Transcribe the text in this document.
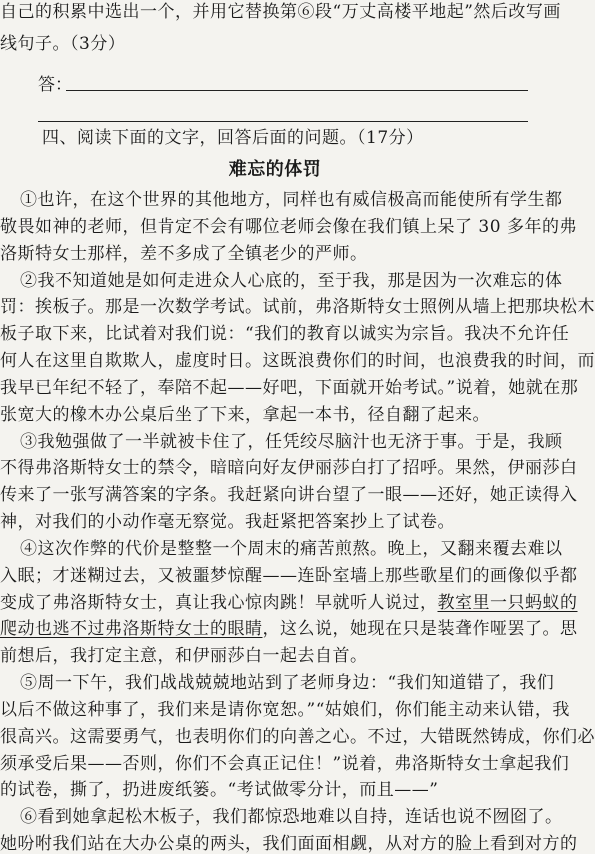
自己的积累中选出一个，并用它替换第⑥段“万丈高楼平地起”然后改写画
线句子。（3分）
答：
四、阅读下面的文字，回答后面的问题。（17分）
难忘的体罚
①也许，在这个世界的其他地方，同样也有威信极高而能使所有学生都
敬畏如神的老师，但肯定不会有哪位老师会像在我们镇上呆了 30 多年的弗
洛斯特女士那样，差不多成了全镇老少的严师。
②我不知道她是如何走进众人心底的，至于我，那是因为一次难忘的体
罚：挨板子。那是一次数学考试。试前，弗洛斯特女士照例从墙上把那块松木
板子取下来，比试着对我们说：“我们的教育以诚实为宗旨。我决不允许任
何人在这里自欺欺人，虚度时日。这既浪费你们的时间，也浪费我的时间，而
我早已年纪不轻了，奉陪不起——好吧，下面就开始考试。”说着，她就在那
张宽大的橡木办公桌后坐了下来，拿起一本书，径自翻了起来。
③我勉强做了一半就被卡住了，任凭绞尽脑汁也无济于事。于是，我顾
不得弗洛斯特女士的禁令，暗暗向好友伊丽莎白打了招呼。果然，伊丽莎白
传来了一张写满答案的字条。我赶紧向讲台望了一眼——还好，她正读得入
神，对我们的小动作毫无察觉。我赶紧把答案抄上了试卷。
④这次作弊的代价是整整一个周末的痛苦煎熬。晚上，又翻来覆去难以
入眠；才迷糊过去，又被噩梦惊醒——连卧室墙上那些歌星们的画像似乎都
变成了弗洛斯特女士，真让我心惊肉跳！早就听人说过，教室里一只蚂蚁的
爬动也逃不过弗洛斯特女士的眼睛，这么说，她现在只是装聋作哑罢了。思
前想后，我打定主意，和伊丽莎白一起去自首。
⑤周一下午，我们战战兢兢地站到了老师身边：“我们知道错了，我们
以后不做这种事了，我们来是请你宽恕。”“姑娘们，你们能主动来认错，我
很高兴。这需要勇气，也表明你们的向善之心。不过，大错既然铸成，你们必
须承受后果——否则，你们不会真正记住！”说着，弗洛斯特女士拿起我们
的试卷，撕了，扔进废纸篓。“考试做零分计，而且——”
⑥看到她拿起松木板子，我们都惊恐地难以自持，连话也说不囫囵了。
她吩咐我们站在大办公桌的两头，我们面面相觑，从对方的脸上看到对方的
